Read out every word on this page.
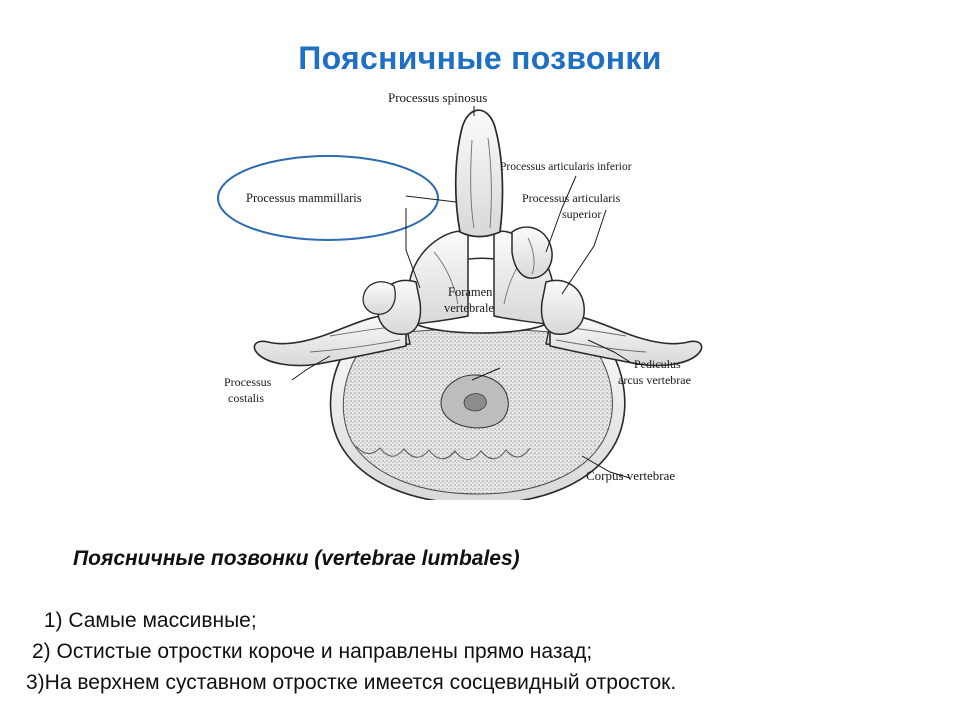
Поясничные позвонки
Processus spinosus
Processus articularis inferior
Processus articularis
superior
Processus mammillaris
Foramen
vertebrale
Processus
costalis
Pediculus
arcus vertebrae
Corpus vertebrae

Поясничные позвонки (vertebrae lumbales)

1) Самые массивные;
2) Остистые отростки короче и направлены прямо назад;
3)На верхнем суставном отростке имеется сосцевидный отросток.
